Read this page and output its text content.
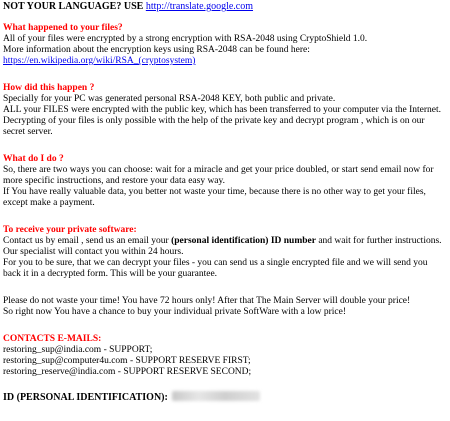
NOT YOUR LANGUAGE? USE http://translate.google.com
What happened to your files?
All of your files were encrypted by a strong encryption with RSA-2048 using CryptoShield 1.0.
More information about the encryption keys using RSA-2048 can be found here:
https://en.wikipedia.org/wiki/RSA_(cryptosystem)
How did this happen ?
Specially for your PC was generated personal RSA-2048 KEY, both public and private.
ALL your FILES were encrypted with the public key, which has been transferred to your computer via the Internet.
Decrypting of your files is only possible with the help of the private key and decrypt program , which is on our secret server.
What do I do ?
So, there are two ways you can choose: wait for a miracle and get your price doubled, or start send email now for more specific instructions, and restore your data easy way.
If You have really valuable data, you better not waste your time, because there is no other way to get your files, except make a payment.
To receive your private software:
Contact us by email , send us an email your (personal identification) ID number and wait for further instructions.
Our specialist will contact you within 24 hours.
For you to be sure, that we can decrypt your files - you can send us a single encrypted file and we will send you back it in a decrypted form. This will be your guarantee.
Please do not waste your time! You have 72 hours only! After that The Main Server will double your price!
So right now You have a chance to buy your individual private SoftWare with a low price!
CONTACTS E-MAILS:
restoring_sup@india.com - SUPPORT;
restoring_sup@computer4u.com - SUPPORT RESERVE FIRST;
restoring_reserve@india.com - SUPPORT RESERVE SECOND;
ID (PERSONAL IDENTIFICATION):
